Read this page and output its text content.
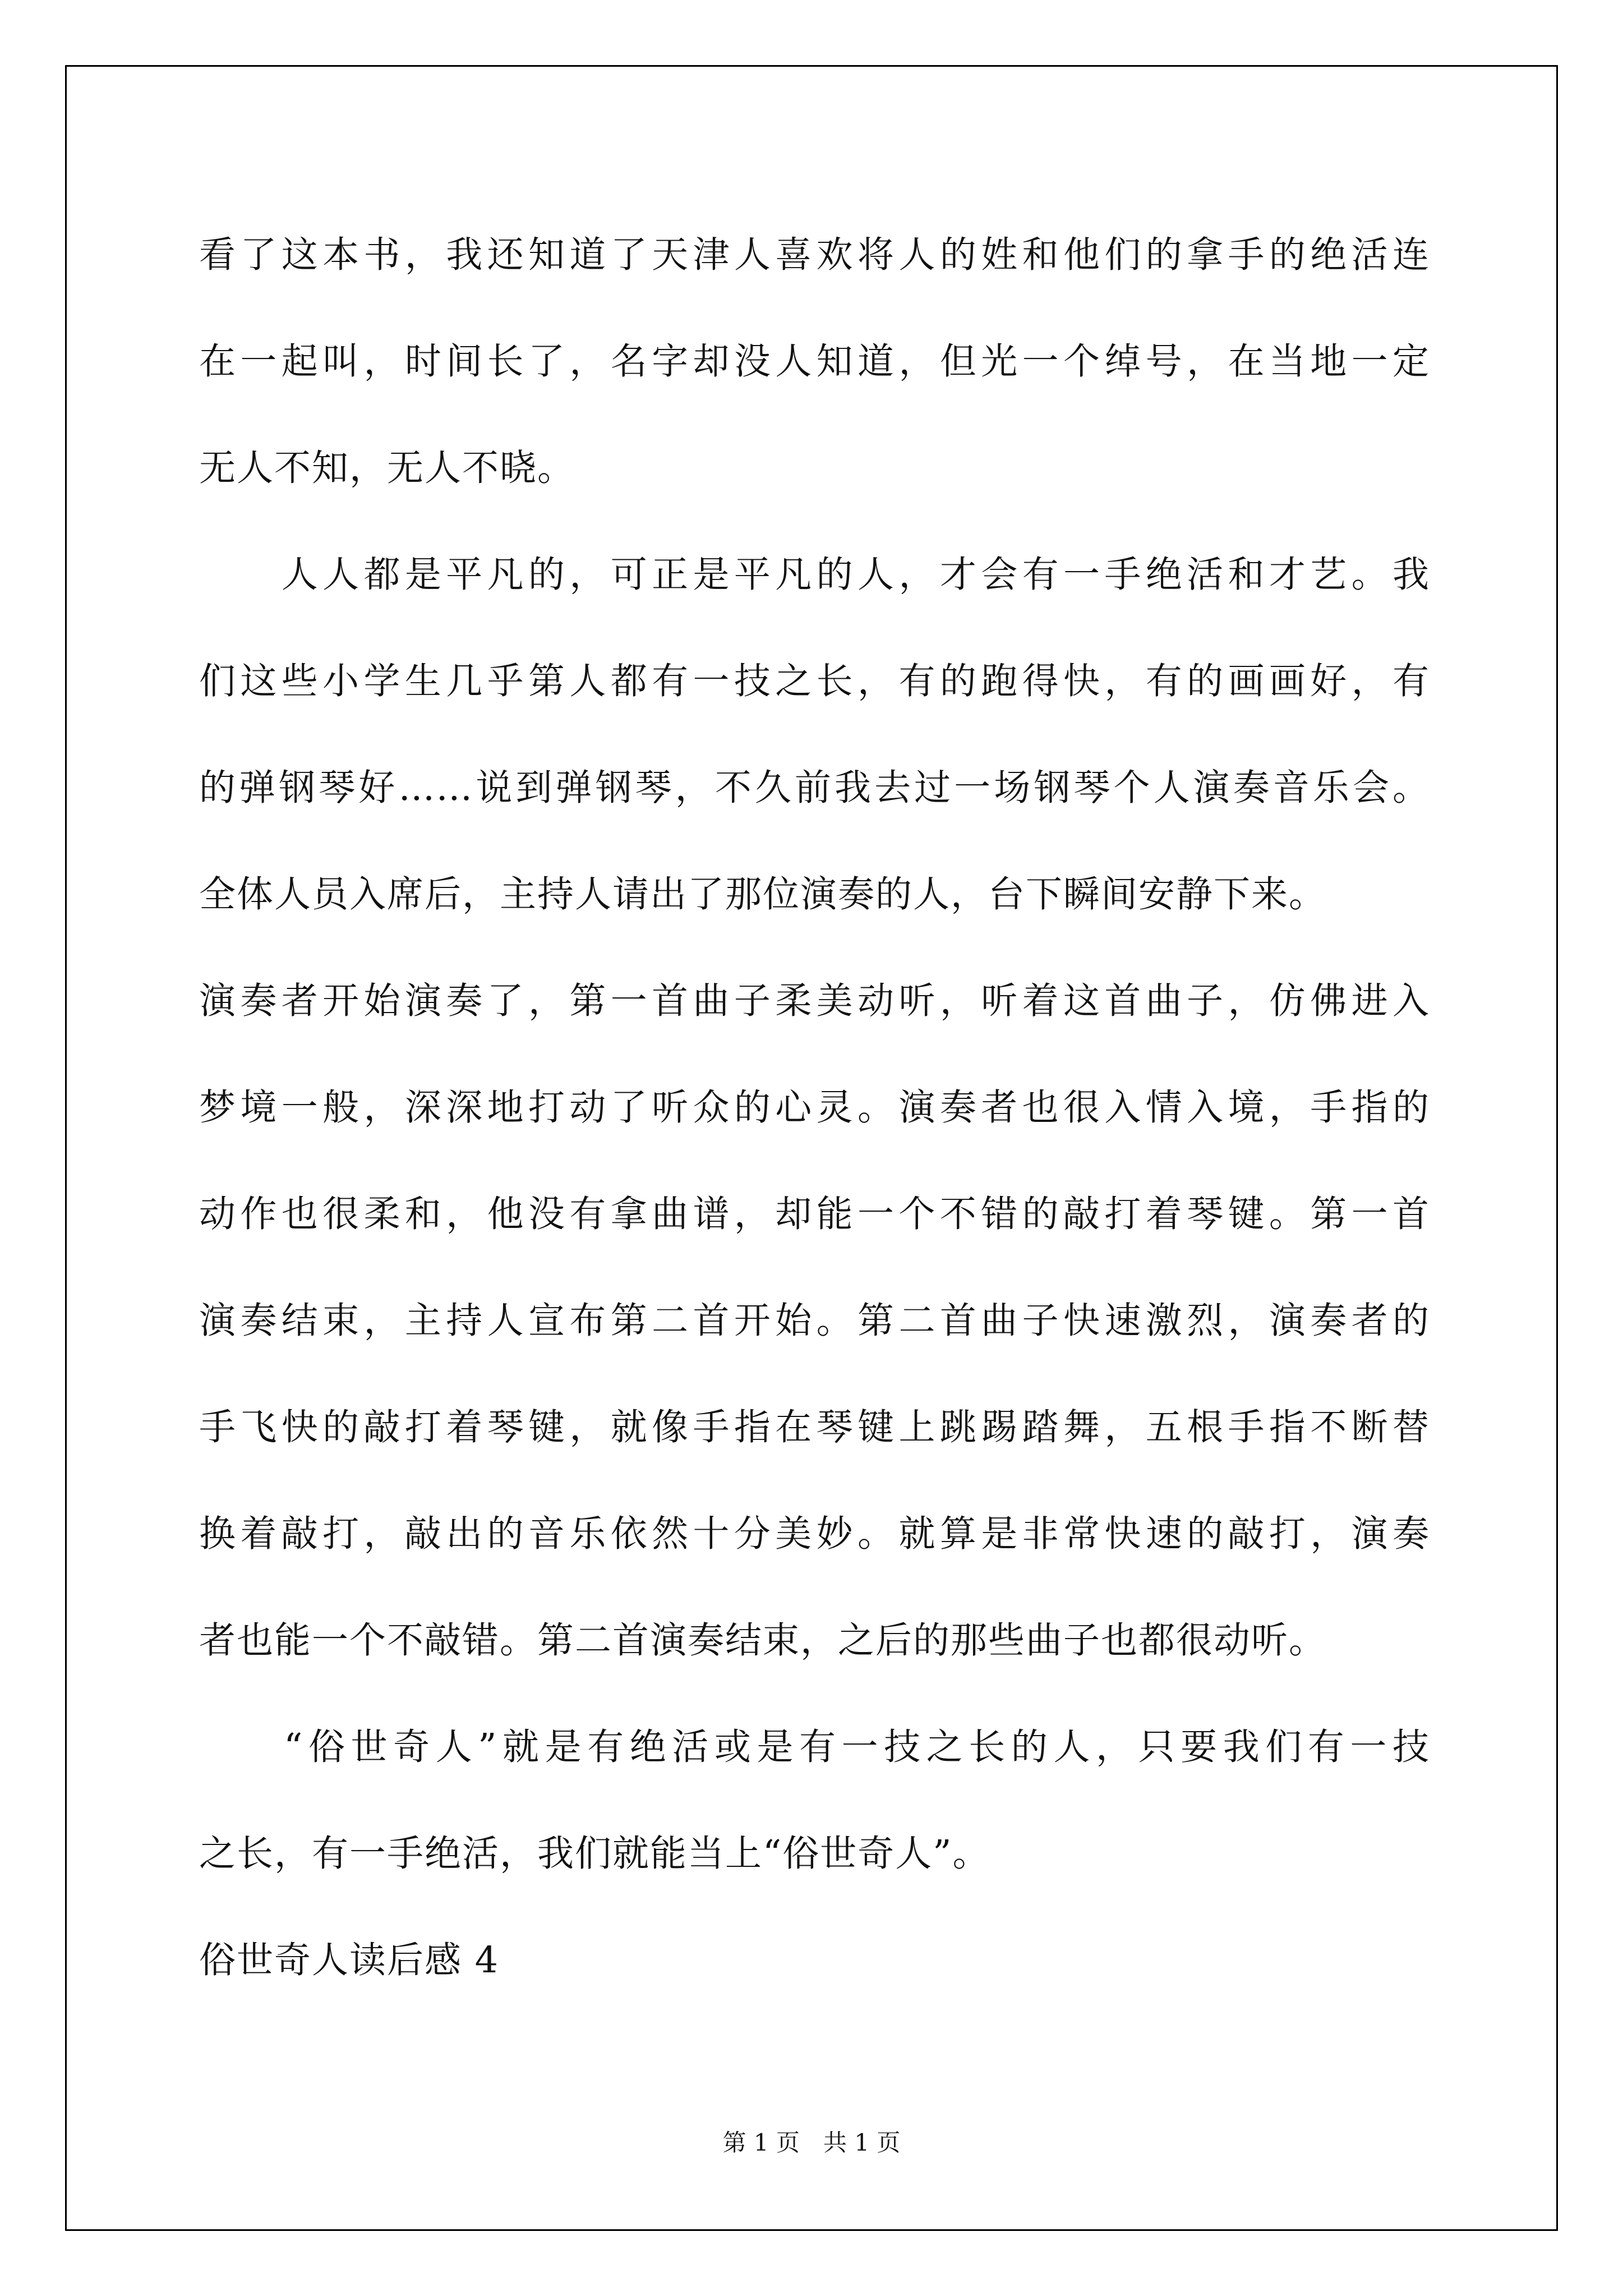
看了这本书，我还知道了天津人喜欢将人的姓和他们的拿手的绝活连
在一起叫，时间长了，名字却没人知道，但光一个绰号，在当地一定
无人不知，无人不晓。
　　人人都是平凡的，可正是平凡的人，才会有一手绝活和才艺。我
们这些小学生几乎第人都有一技之长，有的跑得快，有的画画好，有
的弹钢琴好……说到弹钢琴，不久前我去过一场钢琴个人演奏音乐会。
全体人员入席后，主持人请出了那位演奏的人，台下瞬间安静下来。
演奏者开始演奏了，第一首曲子柔美动听，听着这首曲子，仿佛进入
梦境一般，深深地打动了听众的心灵。演奏者也很入情入境，手指的
动作也很柔和，他没有拿曲谱，却能一个不错的敲打着琴键。第一首
演奏结束，主持人宣布第二首开始。第二首曲子快速激烈，演奏者的
手飞快的敲打着琴键，就像手指在琴键上跳踢踏舞，五根手指不断替
换着敲打，敲出的音乐依然十分美妙。就算是非常快速的敲打，演奏
者也能一个不敲错。第二首演奏结束，之后的那些曲子也都很动听。
　　“俗世奇人”就是有绝活或是有一技之长的人，只要我们有一技
之长，有一手绝活，我们就能当上“俗世奇人”。
俗世奇人读后感 4
第 1 页　共 1 页
